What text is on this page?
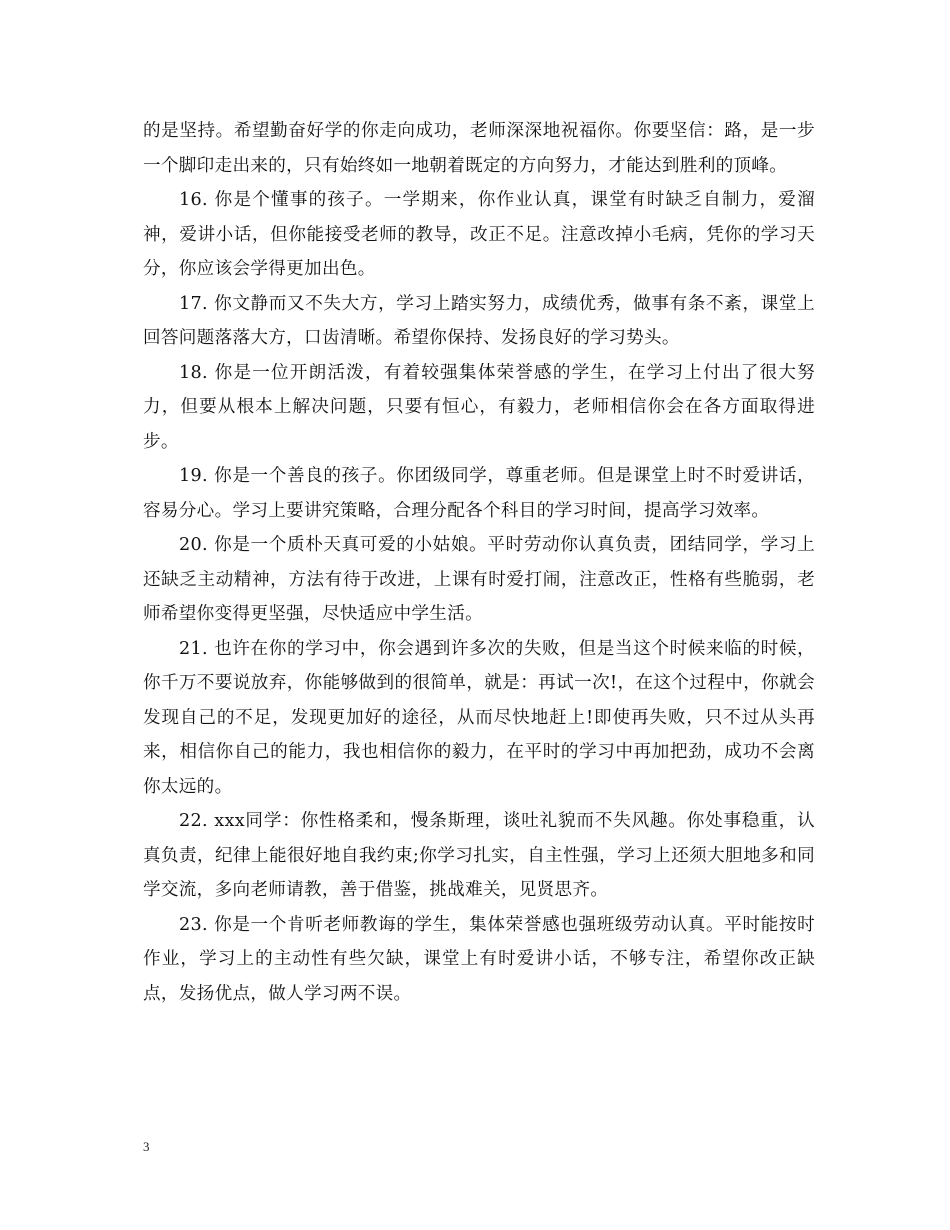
的是坚持。希望勤奋好学的你走向成功，老师深深地祝福你。你要坚信：路，是一步一个脚印走出来的，只有始终如一地朝着既定的方向努力，才能达到胜利的顶峰。

16. 你是个懂事的孩子。一学期来，你作业认真，课堂有时缺乏自制力，爱溜神，爱讲小话，但你能接受老师的教导，改正不足。注意改掉小毛病，凭你的学习天分，你应该会学得更加出色。

17. 你文静而又不失大方，学习上踏实努力，成绩优秀，做事有条不紊，课堂上回答问题落落大方，口齿清晰。希望你保持、发扬良好的学习势头。

18. 你是一位开朗活泼，有着较强集体荣誉感的学生，在学习上付出了很大努力，但要从根本上解决问题，只要有恒心，有毅力，老师相信你会在各方面取得进步。

19. 你是一个善良的孩子。你团级同学，尊重老师。但是课堂上时不时爱讲话，容易分心。学习上要讲究策略，合理分配各个科目的学习时间，提高学习效率。

20. 你是一个质朴天真可爱的小姑娘。平时劳动你认真负责，团结同学，学习上还缺乏主动精神，方法有待于改进，上课有时爱打闹，注意改正，性格有些脆弱，老师希望你变得更坚强，尽快适应中学生活。

21. 也许在你的学习中，你会遇到许多次的失败，但是当这个时候来临的时候，你千万不要说放弃，你能够做到的很简单，就是：再试一次!，在这个过程中，你就会发现自己的不足，发现更加好的途径，从而尽快地赶上!即使再失败，只不过从头再来，相信你自己的能力，我也相信你的毅力，在平时的学习中再加把劲，成功不会离你太远的。

22. xxx同学：你性格柔和，慢条斯理，谈吐礼貌而不失风趣。你处事稳重，认真负责，纪律上能很好地自我约束;你学习扎实，自主性强，学习上还须大胆地多和同学交流，多向老师请教，善于借鉴，挑战难关，见贤思齐。

23. 你是一个肯听老师教诲的学生，集体荣誉感也强班级劳动认真。平时能按时作业，学习上的主动性有些欠缺，课堂上有时爱讲小话，不够专注，希望你改正缺点，发扬优点，做人学习两不误。

3
